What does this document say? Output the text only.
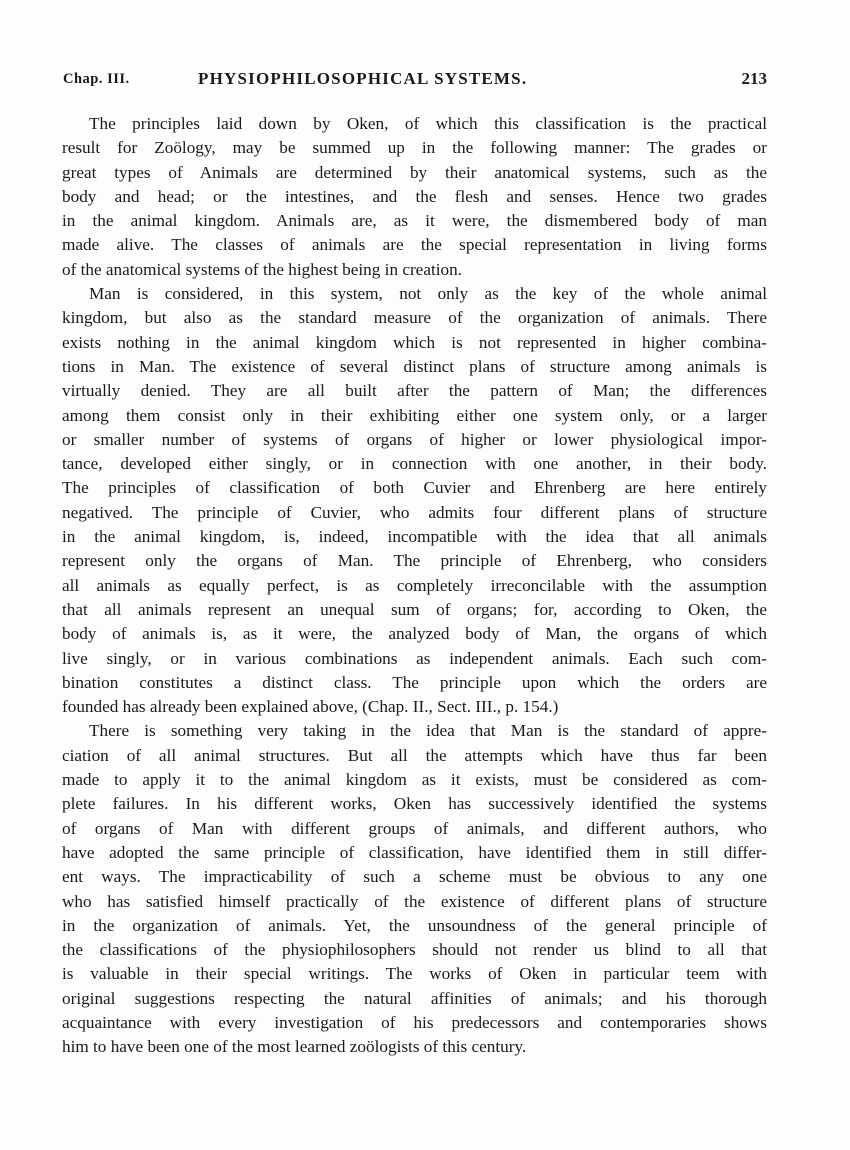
Chap. III.	PHYSIOPHILOSOPHICAL SYSTEMS.	213
The principles laid down by Oken, of which this classification is the practical
result for Zoölogy, may be summed up in the following manner: The grades or
great types of Animals are determined by their anatomical systems, such as the
body and head; or the intestines, and the flesh and senses. Hence two grades
in the animal kingdom. Animals are, as it were, the dismembered body of man
made alive. The classes of animals are the special representation in living forms
of the anatomical systems of the highest being in creation.
Man is considered, in this system, not only as the key of the whole animal
kingdom, but also as the standard measure of the organization of animals. There
exists nothing in the animal kingdom which is not represented in higher combina-
tions in Man. The existence of several distinct plans of structure among animals is
virtually denied. They are all built after the pattern of Man; the differences
among them consist only in their exhibiting either one system only, or a larger
or smaller number of systems of organs of higher or lower physiological impor-
tance, developed either singly, or in connection with one another, in their body.
The principles of classification of both Cuvier and Ehrenberg are here entirely
negatived. The principle of Cuvier, who admits four different plans of structure
in the animal kingdom, is, indeed, incompatible with the idea that all animals
represent only the organs of Man. The principle of Ehrenberg, who considers
all animals as equally perfect, is as completely irreconcilable with the assumption
that all animals represent an unequal sum of organs; for, according to Oken, the
body of animals is, as it were, the analyzed body of Man, the organs of which
live singly, or in various combinations as independent animals. Each such com-
bination constitutes a distinct class. The principle upon which the orders are
founded has already been explained above, (Chap. II., Sect. III., p. 154.)
There is something very taking in the idea that Man is the standard of appre-
ciation of all animal structures. But all the attempts which have thus far been
made to apply it to the animal kingdom as it exists, must be considered as com-
plete failures. In his different works, Oken has successively identified the systems
of organs of Man with different groups of animals, and different authors, who
have adopted the same principle of classification, have identified them in still differ-
ent ways. The impracticability of such a scheme must be obvious to any one
who has satisfied himself practically of the existence of different plans of structure
in the organization of animals. Yet, the unsoundness of the general principle of
the classifications of the physiophilosophers should not render us blind to all that
is valuable in their special writings. The works of Oken in particular teem with
original suggestions respecting the natural affinities of animals; and his thorough
acquaintance with every investigation of his predecessors and contemporaries shows
him to have been one of the most learned zoölogists of this century.
